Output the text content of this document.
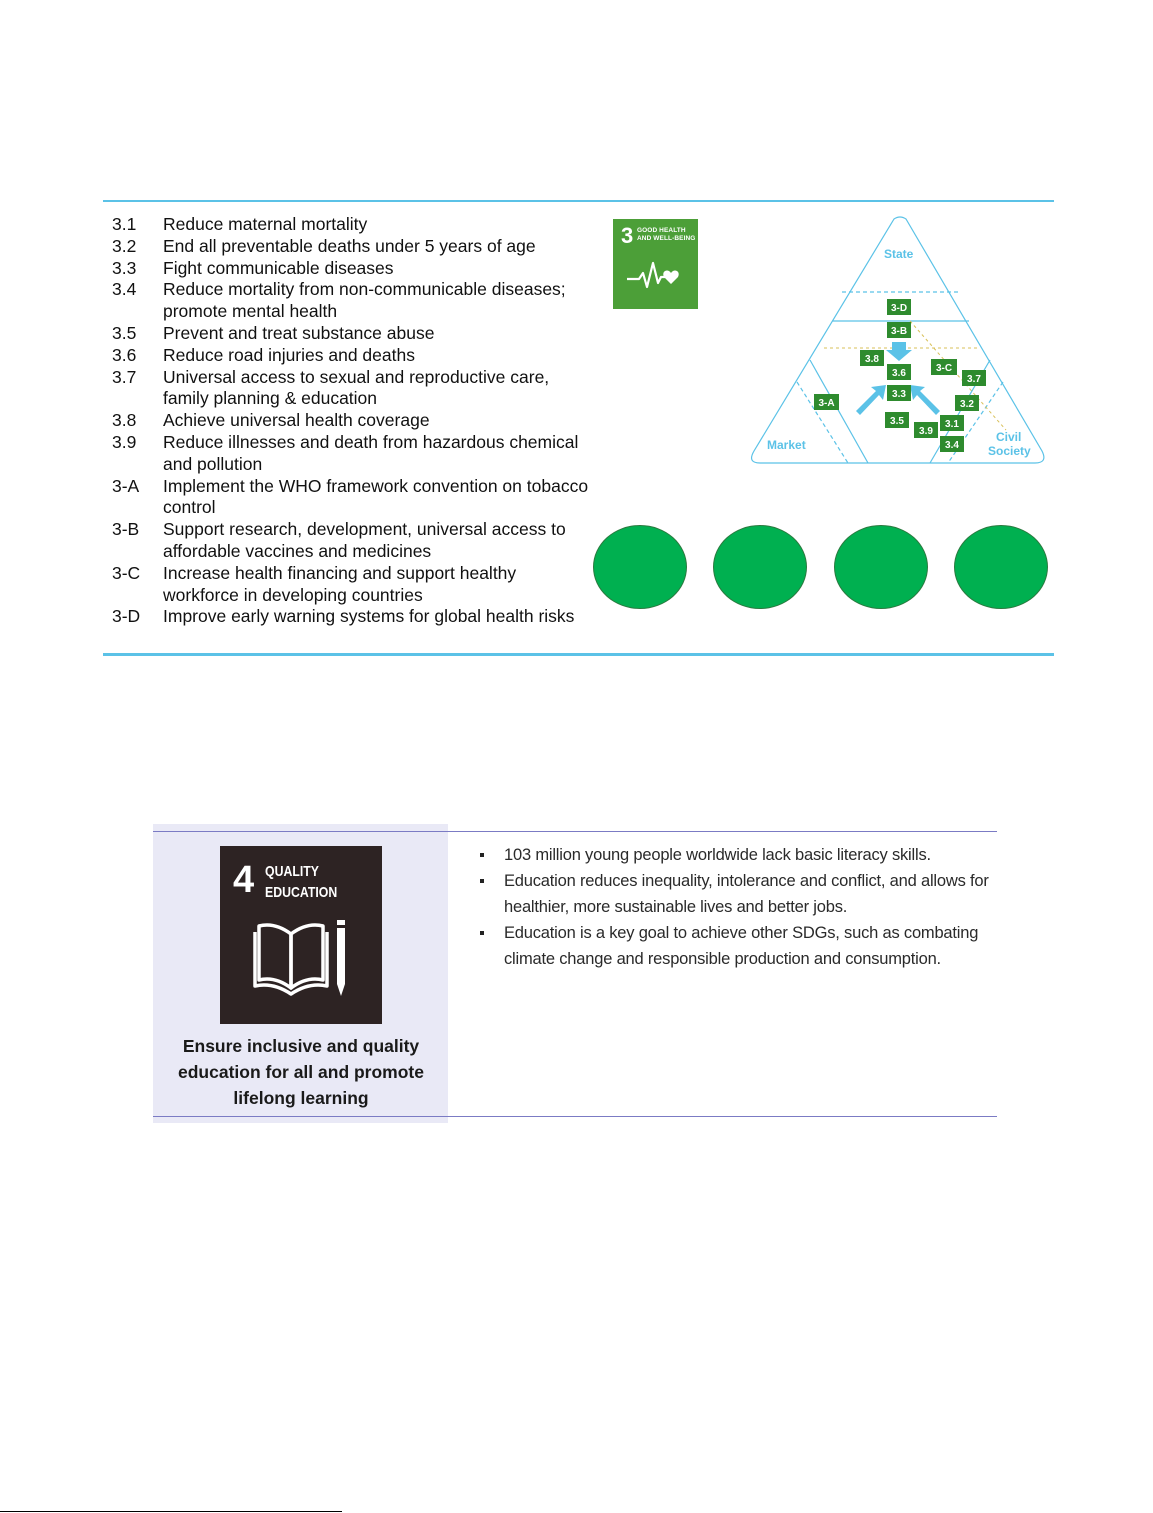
3.1	Reduce maternal mortality
3.2	End all preventable deaths under 5 years of age
3.3	Fight communicable diseases
3.4	Reduce mortality from non-communicable diseases; promote mental health
3.5	Prevent and treat substance abuse
3.6	Reduce road injuries and deaths
3.7	Universal access to sexual and reproductive care, family planning & education
3.8	Achieve universal health coverage
3.9	Reduce illnesses and death from hazardous chemical and pollution
3-A	Implement the WHO framework convention on tobacco control
3-B	Support research, development, universal access to affordable vaccines and medicines
3-C	Increase health financing and support healthy workforce in developing countries
3-D	Improve early warning systems for global health risks
3 GOOD HEALTH
AND WELL-BEING
State
Market
Civil
Society
3-D
3-B
3.8
3.6	3-C
3.7
3-A
3.3
3.2
3.5	3.1
3.9
3.4
4 QUALITY
EDUCATION
Ensure inclusive and quality education for all and promote lifelong learning
103 million young people worldwide lack basic literacy skills.
Education reduces inequality, intolerance and conflict, and allows for healthier, more sustainable lives and better jobs.
Education is a key goal to achieve other SDGs, such as combating climate change and responsible production and consumption.
